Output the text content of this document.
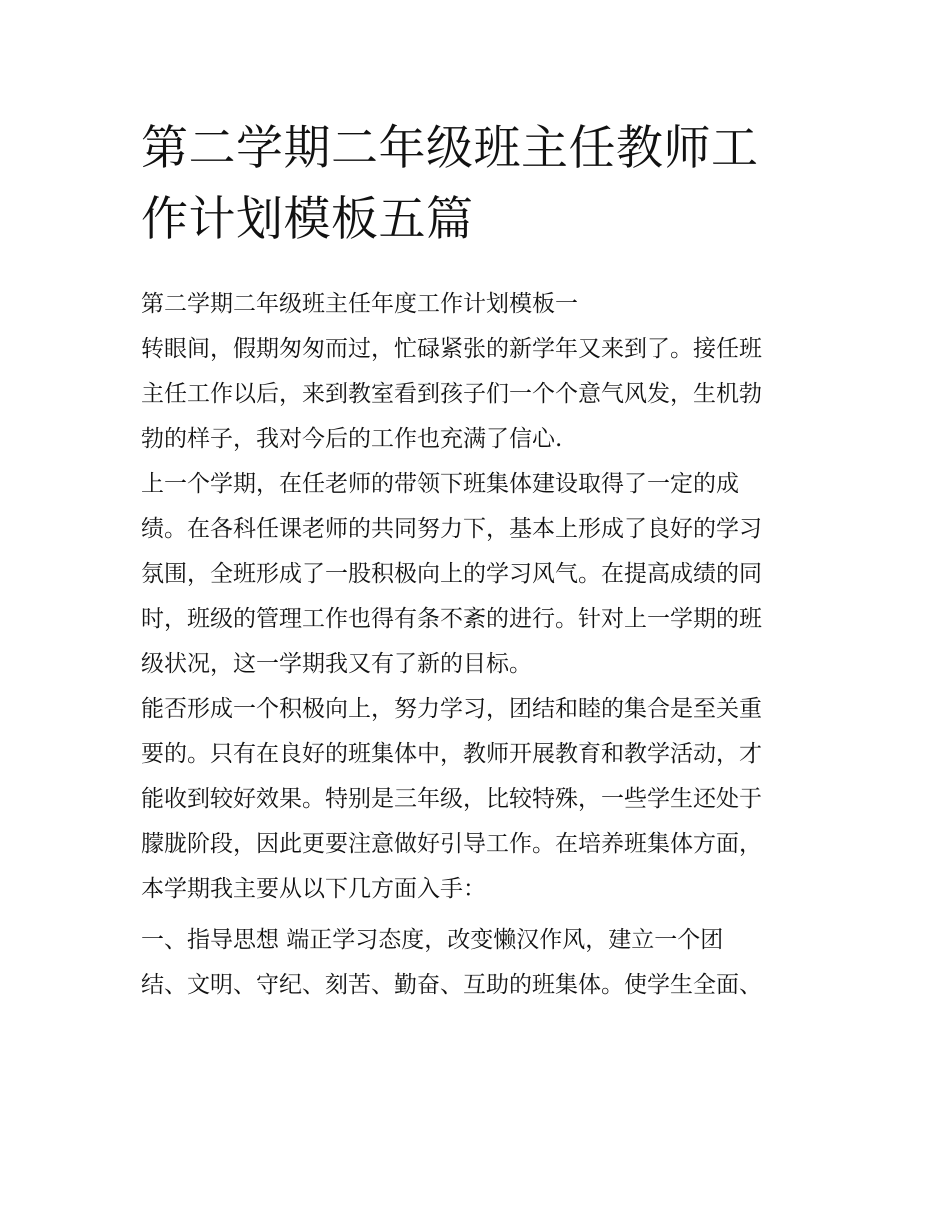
第二学期二年级班主任教师工
作计划模板五篇
第二学期二年级班主任年度工作计划模板一
转眼间，假期匆匆而过，忙碌紧张的新学年又来到了。接任班
主任工作以后，来到教室看到孩子们一个个意气风发，生机勃
勃的样子，我对今后的工作也充满了信心.
上一个学期，在任老师的带领下班集体建设取得了一定的成
绩。在各科任课老师的共同努力下，基本上形成了良好的学习
氛围，全班形成了一股积极向上的学习风气。在提高成绩的同
时，班级的管理工作也得有条不紊的进行。针对上一学期的班
级状况，这一学期我又有了新的目标。
能否形成一个积极向上，努力学习，团结和睦的集合是至关重
要的。只有在良好的班集体中，教师开展教育和教学活动，才
能收到较好效果。特别是三年级，比较特殊，一些学生还处于
朦胧阶段，因此更要注意做好引导工作。在培养班集体方面，
本学期我主要从以下几方面入手：
一、指导思想 端正学习态度，改变懒汉作风，建立一个团
结、文明、守纪、刻苦、勤奋、互助的班集体。使学生全面、
